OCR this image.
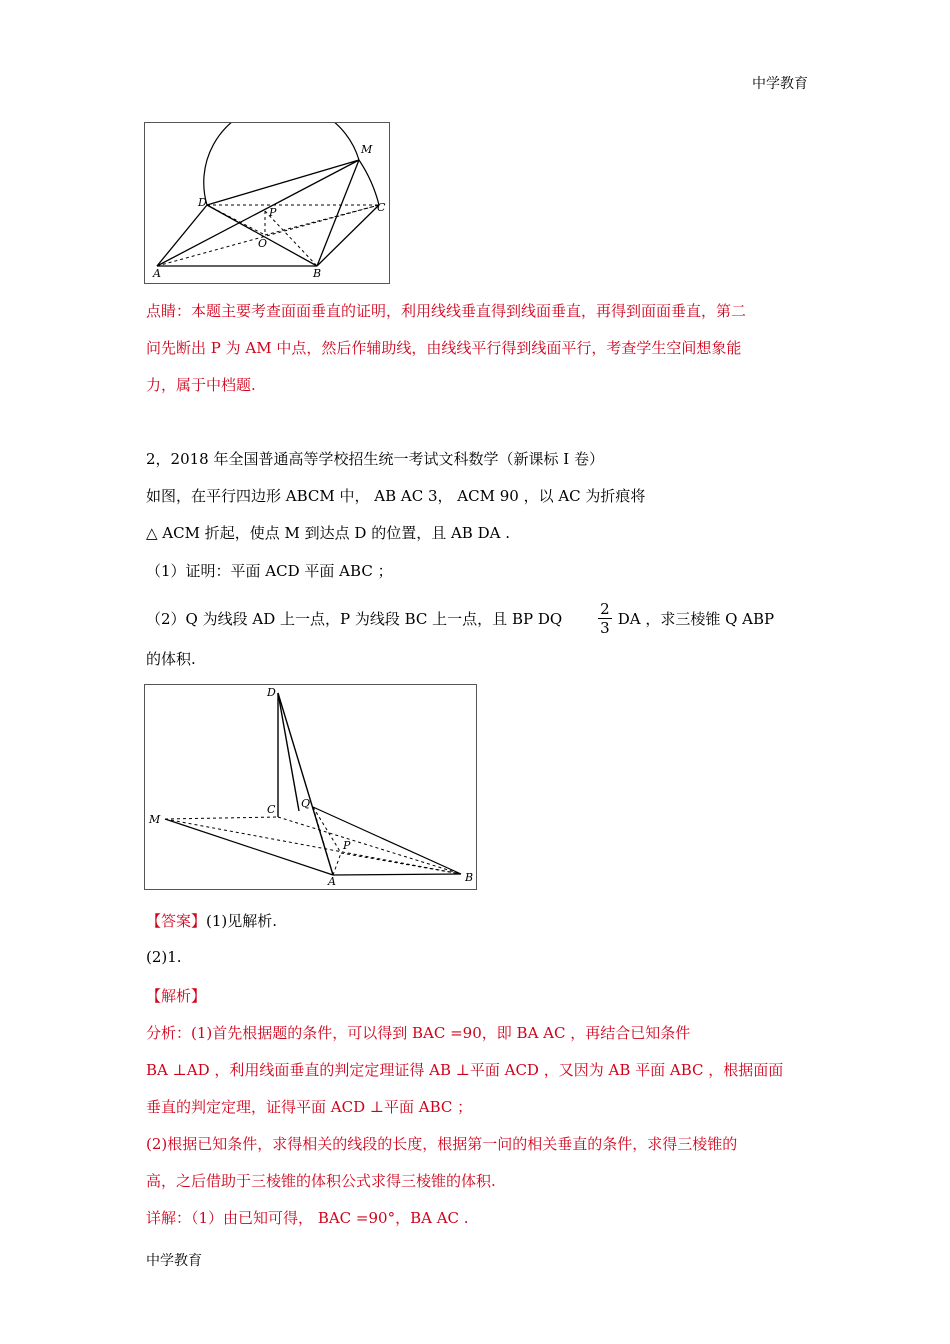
中学教育
M
D
P	C
O
A	B
点睛：本题主要考查面面垂直的证明，利用线线垂直得到线面垂直，再得到面面垂直，第二
问先断出 P 为 AM 中点，然后作辅助线，由线线平行得到线面平行，考查学生空间想象能
力，属于中档题.
2，2018 年全国普通高等学校招生统一考试文科数学（新课标 I 卷）
如图，在平行四边形 ABCM 中， AB AC 3， ACM 90 ，以 AC 为折痕将
△ ACM 折起，使点 M 到达点 D 的位置，且 AB DA .
（1）证明：平面 ACD 平面 ABC ；
（2）Q 为线段 AD 上一点，P 为线段 BC 上一点，且 BP DQ $\frac{2}{3}$ DA ，求三棱锥 Q ABP
的体积.
D
C Q
M
P
A	B
【答案】(1)见解析.
(2)1.
【解析】
分析：(1)首先根据题的条件，可以得到 BAC =90，即 BA AC ，再结合已知条件
BA ⊥AD ，利用线面垂直的判定定理证得 AB ⊥平面 ACD ，又因为 AB 平面 ABC ，根据面面
垂直的判定定理，证得平面 ACD ⊥平面 ABC ；
(2)根据已知条件，求得相关的线段的长度，根据第一问的相关垂直的条件，求得三棱锥的
高，之后借助于三棱锥的体积公式求得三棱锥的体积.
详解：（1）由已知可得， BAC =90°，BA AC .
中学教育
